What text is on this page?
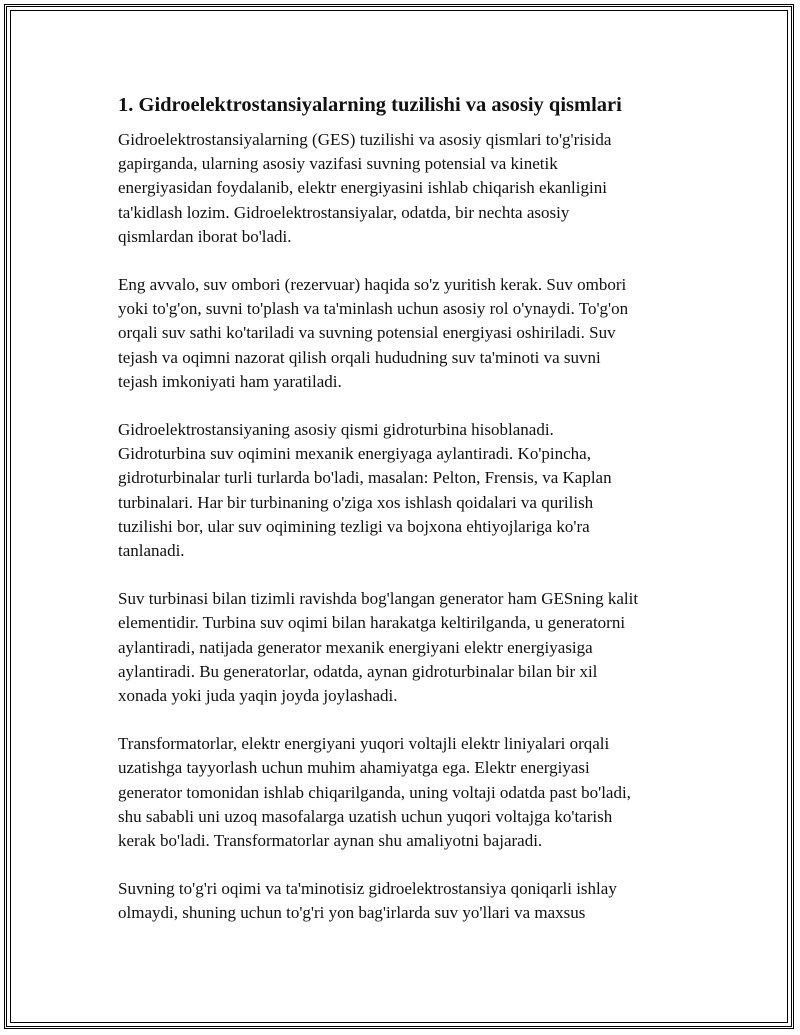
1. Gidroelektrostansiyalarning tuzilishi va asosiy qismlari

Gidroelektrostansiyalarning (GES) tuzilishi va asosiy qismlari to'g'risida
gapirganda, ularning asosiy vazifasi suvning potensial va kinetik
energiyasidan foydalanib, elektr energiyasini ishlab chiqarish ekanligini
ta'kidlash lozim. Gidroelektrostansiyalar, odatda, bir nechta asosiy
qismlardan iborat bo'ladi.

Eng avvalo, suv ombori (rezervuar) haqida so'z yuritish kerak. Suv ombori
yoki to'g'on, suvni to'plash va ta'minlash uchun asosiy rol o'ynaydi. To'g'on
orqali suv sathi ko'tariladi va suvning potensial energiyasi oshiriladi. Suv
tejash va oqimni nazorat qilish orqali hududning suv ta'minoti va suvni
tejash imkoniyati ham yaratiladi.

Gidroelektrostansiyaning asosiy qismi gidroturbina hisoblanadi.
Gidroturbina suv oqimini mexanik energiyaga aylantiradi. Ko'pincha,
gidroturbinalar turli turlarda bo'ladi, masalan: Pelton, Frensis, va Kaplan
turbinalari. Har bir turbinaning o'ziga xos ishlash qoidalari va qurilish
tuzilishi bor, ular suv oqimining tezligi va bojxona ehtiyojlariga ko'ra
tanlanadi.

Suv turbinasi bilan tizimli ravishda bog'langan generator ham GESning kalit
elementidir. Turbina suv oqimi bilan harakatga keltirilganda, u generatorni
aylantiradi, natijada generator mexanik energiyani elektr energiyasiga
aylantiradi. Bu generatorlar, odatda, aynan gidroturbinalar bilan bir xil
xonada yoki juda yaqin joyda joylashadi.

Transformatorlar, elektr energiyani yuqori voltajli elektr liniyalari orqali
uzatishga tayyorlash uchun muhim ahamiyatga ega. Elektr energiyasi
generator tomonidan ishlab chiqarilganda, uning voltaji odatda past bo'ladi,
shu sababli uni uzoq masofalarga uzatish uchun yuqori voltajga ko'tarish
kerak bo'ladi. Transformatorlar aynan shu amaliyotni bajaradi.

Suvning to'g'ri oqimi va ta'minotisiz gidroelektrostansiya qoniqarli ishlay
olmaydi, shuning uchun to'g'ri yon bag'irlarda suv yo'llari va maxsus
